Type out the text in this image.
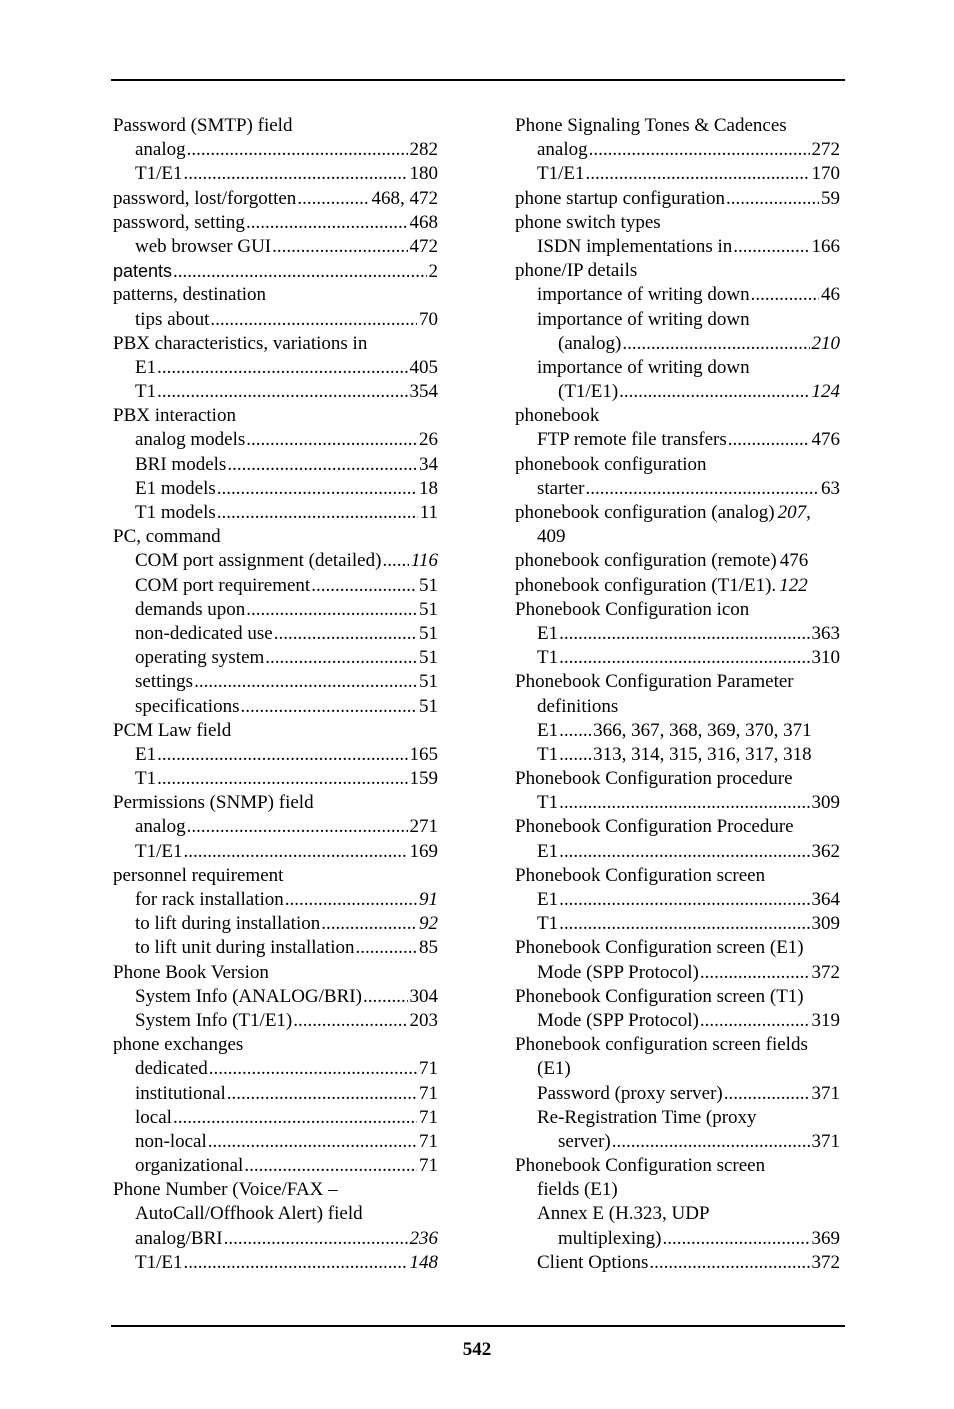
Password (SMTP) field
analog .....	282
T1/E1 .....	180
password, lost/forgotten .....	468, 472
password, setting .....	468
web browser GUI .....	472
patents .....	2
patterns, destination
tips about .....	70
PBX characteristics, variations in
E1 .....	405
T1 .....	354
PBX interaction
analog models .....	26
BRI models .....	34
E1 models .....	18
T1 models .....	11
PC, command
COM port assignment (detailed) ..... 116
COM port requirement .....	51
demands upon .....	51
non-dedicated use .....	51
operating system .....	51
settings .....	51
specifications .....	51
PCM Law field
E1 .....	165
T1 .....	159
Permissions (SNMP) field
analog .....	271
T1/E1 .....	169
personnel requirement
for rack installation .....	91
to lift during installation .....	92
to lift unit during installation .....	85
Phone Book Version
System Info (ANALOG/BRI) .....	304
System Info (T1/E1) .....	203
phone exchanges
dedicated .....	71
institutional .....	71
local .....	71
non-local .....	71
organizational .....	71
Phone Number (Voice/FAX –
AutoCall/Offhook Alert) field
analog/BRI .....	236
T1/E1 .....	148
Phone Signaling Tones & Cadences
analog .....	272
T1/E1 .....	170
phone startup configuration .....	59
phone switch types
ISDN implementations in .....	166
phone/IP details
importance of writing down .....	46
importance of writing down
(analog) .....	210
importance of writing down
(T1/E1) .....	124
phonebook
FTP remote file transfers .....	476
phonebook configuration
starter .....	63
phonebook configuration (analog) 207 ,
409
phonebook configuration (remote) 476
phonebook configuration (T1/E1). 122
Phonebook Configuration icon
E1 .....	363
T1 .....	310
Phonebook Configuration Parameter
definitions
E1 ..... 366, 367, 368, 369, 370, 371
T1 ..... 313, 314, 315, 316, 317, 318
Phonebook Configuration procedure
T1 .....	309
Phonebook Configuration Procedure
E1 .....	362
Phonebook Configuration screen
E1 .....	364
T1 .....	309
Phonebook Configuration screen (E1)
Mode (SPP Protocol) .....	372
Phonebook Configuration screen (T1)
Mode (SPP Protocol) .....	319
Phonebook configuration screen fields
(E1)
Password (proxy server) .....	371
Re-Registration Time (proxy
server) .....	371
Phonebook Configuration screen
fields (E1)
Annex E (H.323, UDP
multiplexing) .....	369
Client Options .....	372
542
